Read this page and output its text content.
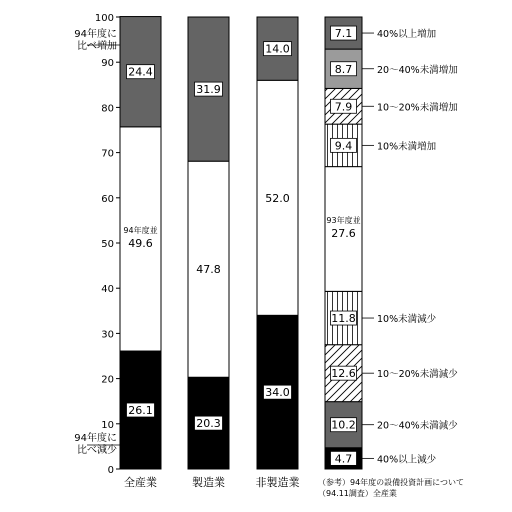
0
10
20
30
40
50
60
70
80
90
100
94年度に比べ増加
94年度に比べ減少
26.1
94年度並
49.6
24.4
全産業
20.3
47.8
31.9
製造業
34.0
52.0
14.0
非製造業
4.7	40%以上減少
10.2 20〜40%未満減少
12.6 10〜20%未満減少
11.8 10%未満減少
93年度並
27.6
9.4	10%未満増加
7.9	10〜20%未満増加
8.7	20〜40%未満増加
7.1	40%以上増加
（参考）94年度の設備投資計画について
（94.11調査）全産業
